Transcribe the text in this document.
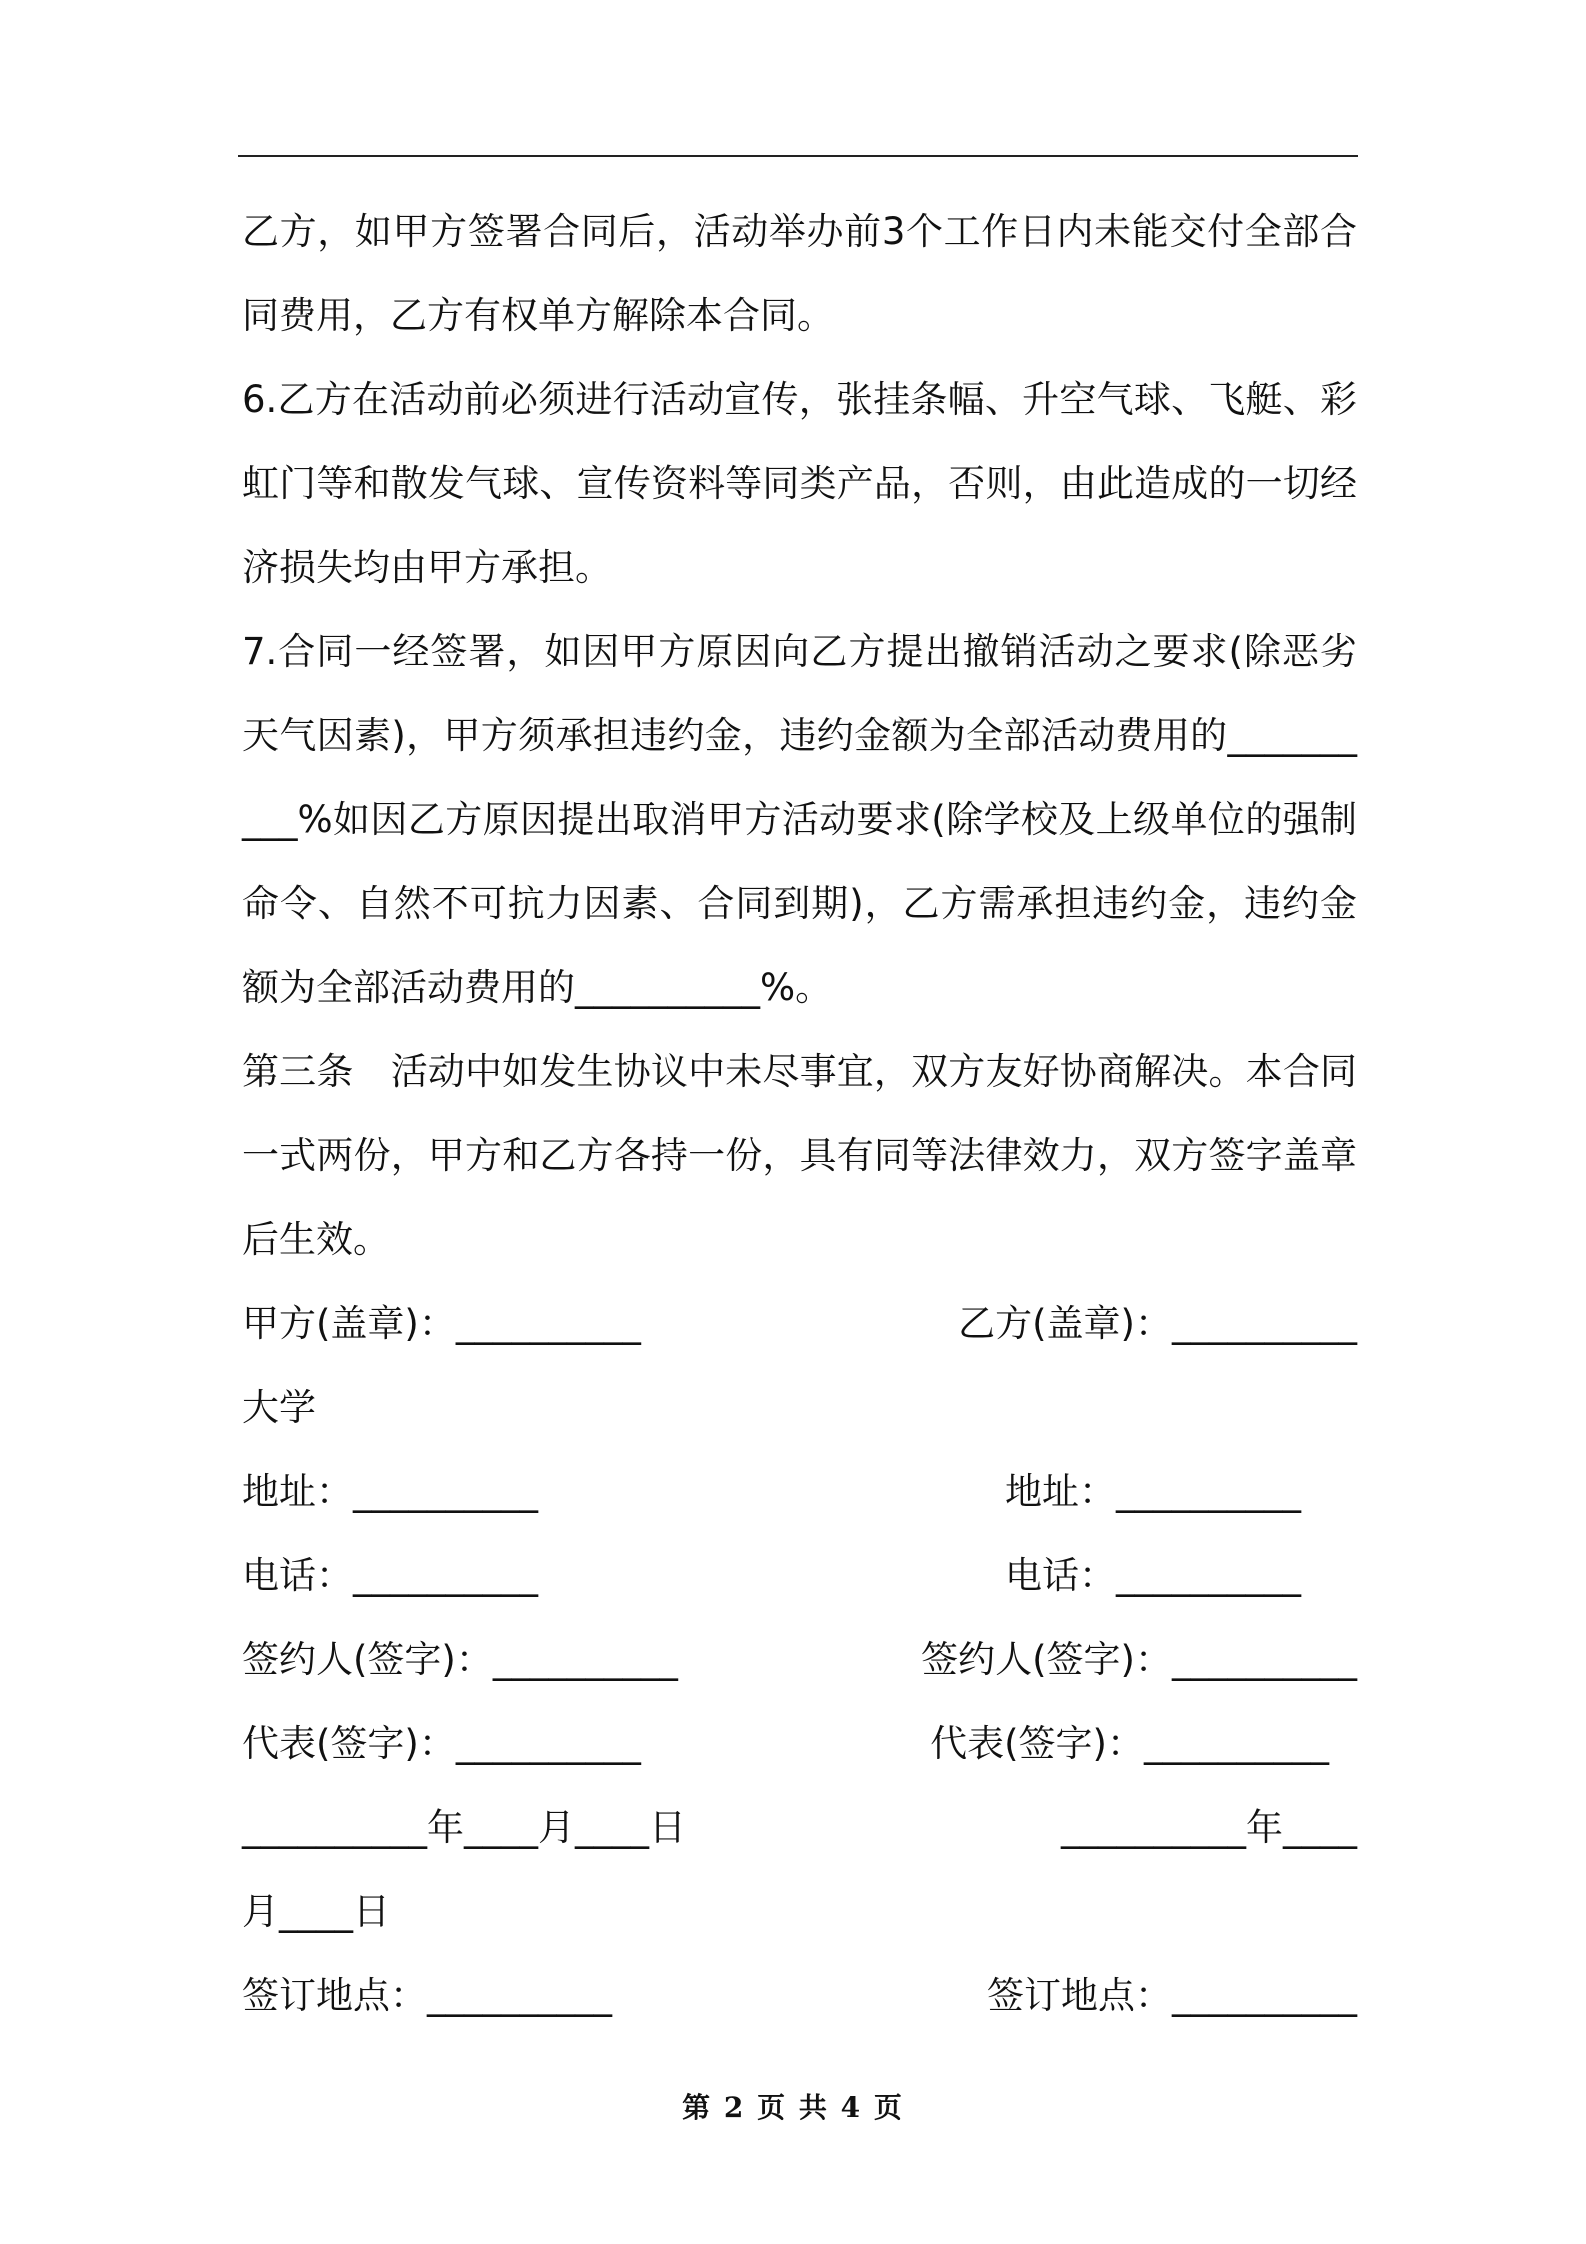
乙方，如甲方签署合同后，活动举办前3个工作日内未能交付全部合同费用，乙方有权单方解除本合同。

6.乙方在活动前必须进行活动宣传，张挂条幅、升空气球、飞艇、彩虹门等和散发气球、宣传资料等同类产品，否则，由此造成的一切经济损失均由甲方承担。

7.合同一经签署，如因甲方原因向乙方提出撤销活动之要求(除恶劣天气因素)，甲方须承担违约金，违约金额为全部活动费用的__________%如因乙方原因提出取消甲方活动要求(除学校及上级单位的强制命令、自然不可抗力因素、合同到期)，乙方需承担违约金，违约金额为全部活动费用的__________%。

第三条　活动中如发生协议中未尽事宜，双方友好协商解决。本合同一式两份，甲方和乙方各持一份，具有同等法律效力，双方签字盖章后生效。

甲方(盖章)：__________	乙方(盖章)：__________
大学
地址：__________	地址：__________
电话：__________	电话：__________
签约人(签字)：__________	签约人(签字)：__________
代表(签字)：__________	代表(签字)：__________
__________年____月____日	__________年____
月____日
签订地点：__________	签订地点：__________
第 2 页 共 4 页
